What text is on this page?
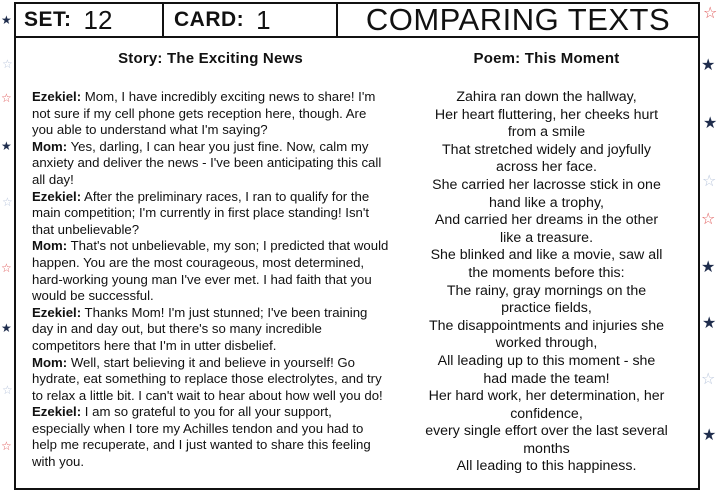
★
☆
☆
★
☆
☆
★
☆
☆
☆
★
★
☆
☆
★
★
☆
★
SET: 12	CARD: 1	COMPARING TEXTS
Story: The Exciting News

Ezekiel: Mom, I have incredibly exciting news to share! I'm not sure if my cell phone gets reception here, though. Are you able to understand what I'm saying?

Mom: Yes, darling, I can hear you just fine. Now, calm my anxiety and deliver the news - I've been anticipating this call all day!

Ezekiel: After the preliminary races, I ran to qualify for the main competition; I'm currently in first place standing! Isn't that unbelievable?

Mom: That's not unbelievable, my son; I predicted that would happen. You are the most courageous, most determined, hard-working young man I've ever met. I had faith that you would be successful.

Ezekiel: Thanks Mom! I'm just stunned; I've been training day in and day out, but there's so many incredible competitors here that I'm in utter disbelief.

Mom: Well, start believing it and believe in yourself! Go hydrate, eat something to replace those electrolytes, and try to relax a little bit. I can't wait to hear about how well you do!

Ezekiel: I am so grateful to you for all your support, especially when I tore my Achilles tendon and you had to help me recuperate, and I just wanted to share this feeling with you.

Poem: This Moment

Zahira ran down the hallway,

Her heart fluttering, her cheeks hurt

from a smile

That stretched widely and joyfully

across her face.

She carried her lacrosse stick in one

hand like a trophy,

And carried her dreams in the other

like a treasure.

She blinked and like a movie, saw all

the moments before this:

The rainy, gray mornings on the

practice fields,

The disappointments and injuries she

worked through,

All leading up to this moment - she

had made the team!

Her hard work, her determination, her

confidence,

every single effort over the last several

months

All leading to this happiness.
